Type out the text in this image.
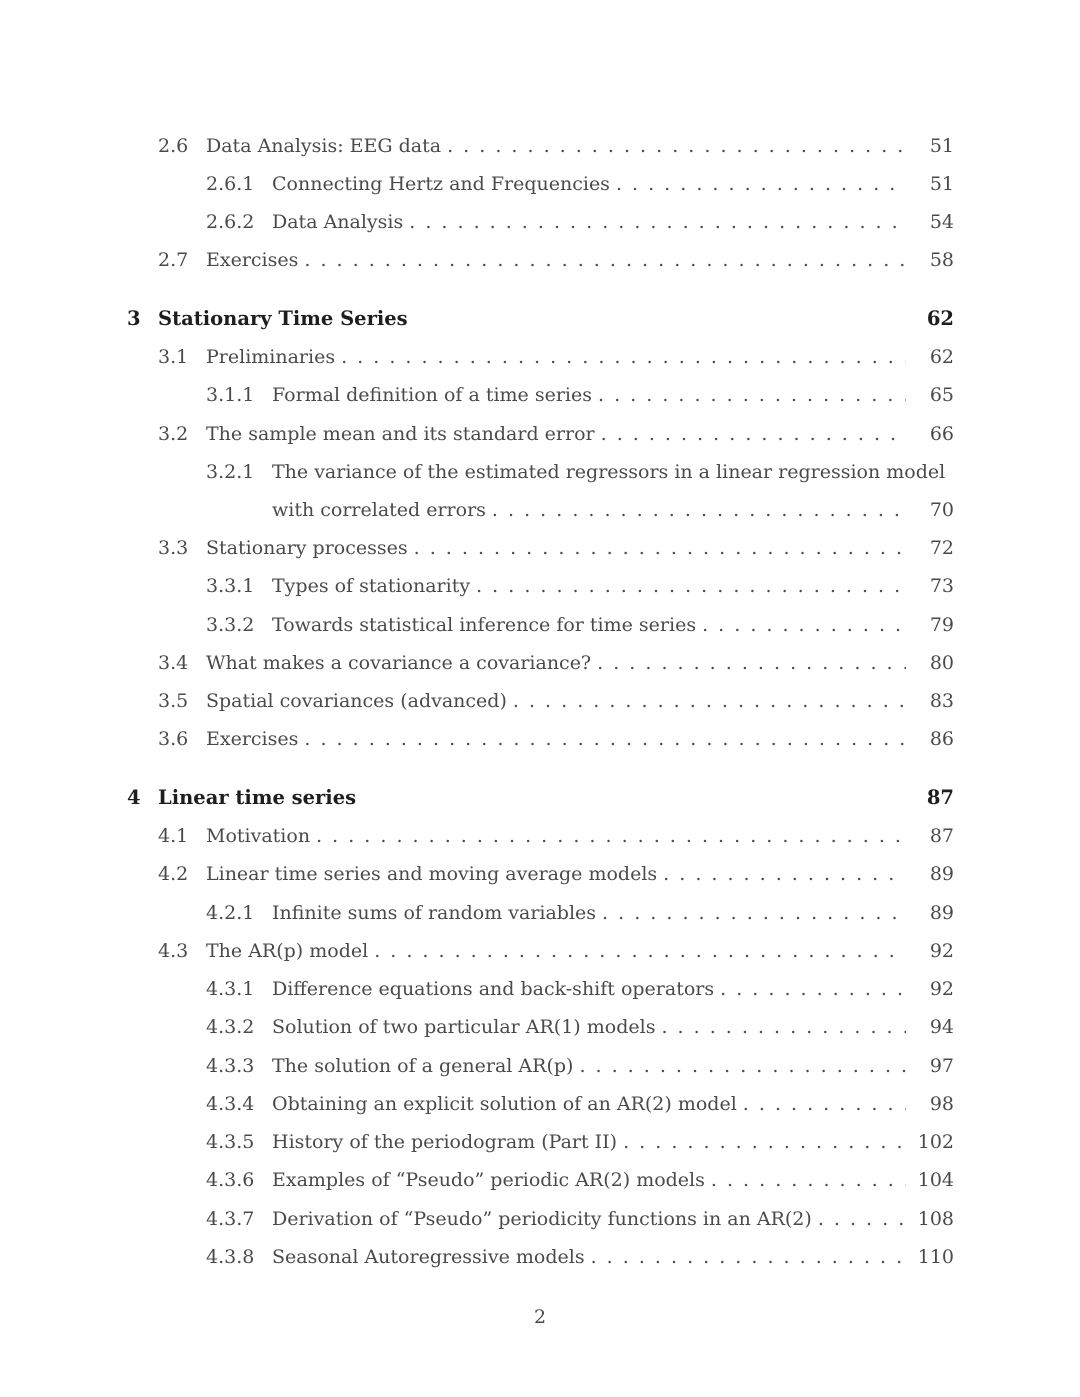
2.6 Data Analysis: EEG data . . .	51
2.6.1 Connecting Hertz and Frequencies . . .	51
2.6.2 Data Analysis . . .	54
2.7 Exercises . . .	58
3 Stationary Time Series	62
3.1 Preliminaries . . .	62
3.1.1 Formal definition of a time series . . .	65
3.2 The sample mean and its standard error . . .	66
3.2.1 The variance of the estimated regressors in a linear regression model
with correlated errors . . .	70
3.3 Stationary processes . . .	72
3.3.1 Types of stationarity . . .	73
3.3.2 Towards statistical inference for time series . . .	79
3.4 What makes a covariance a covariance? . . .	80
3.5 Spatial covariances (advanced) . . .	83
3.6 Exercises . . .	86
4 Linear time series	87
4.1 Motivation . . .	87
4.2 Linear time series and moving average models . . .	89
4.2.1 Infinite sums of random variables . . .	89
4.3 The AR(p) model . . .	92
4.3.1 Difference equations and back-shift operators . . .	92
4.3.2 Solution of two particular AR(1) models . . .	94
4.3.3 The solution of a general AR(p) . . .	97
4.3.4 Obtaining an explicit solution of an AR(2) model . . .	98
4.3.5 History of the periodogram (Part II) . . .	102
4.3.6 Examples of “Pseudo” periodic AR(2) models . . .	104
4.3.7 Derivation of “Pseudo” periodicity functions in an AR(2) . . .	108
4.3.8 Seasonal Autoregressive models . . .	110
2
